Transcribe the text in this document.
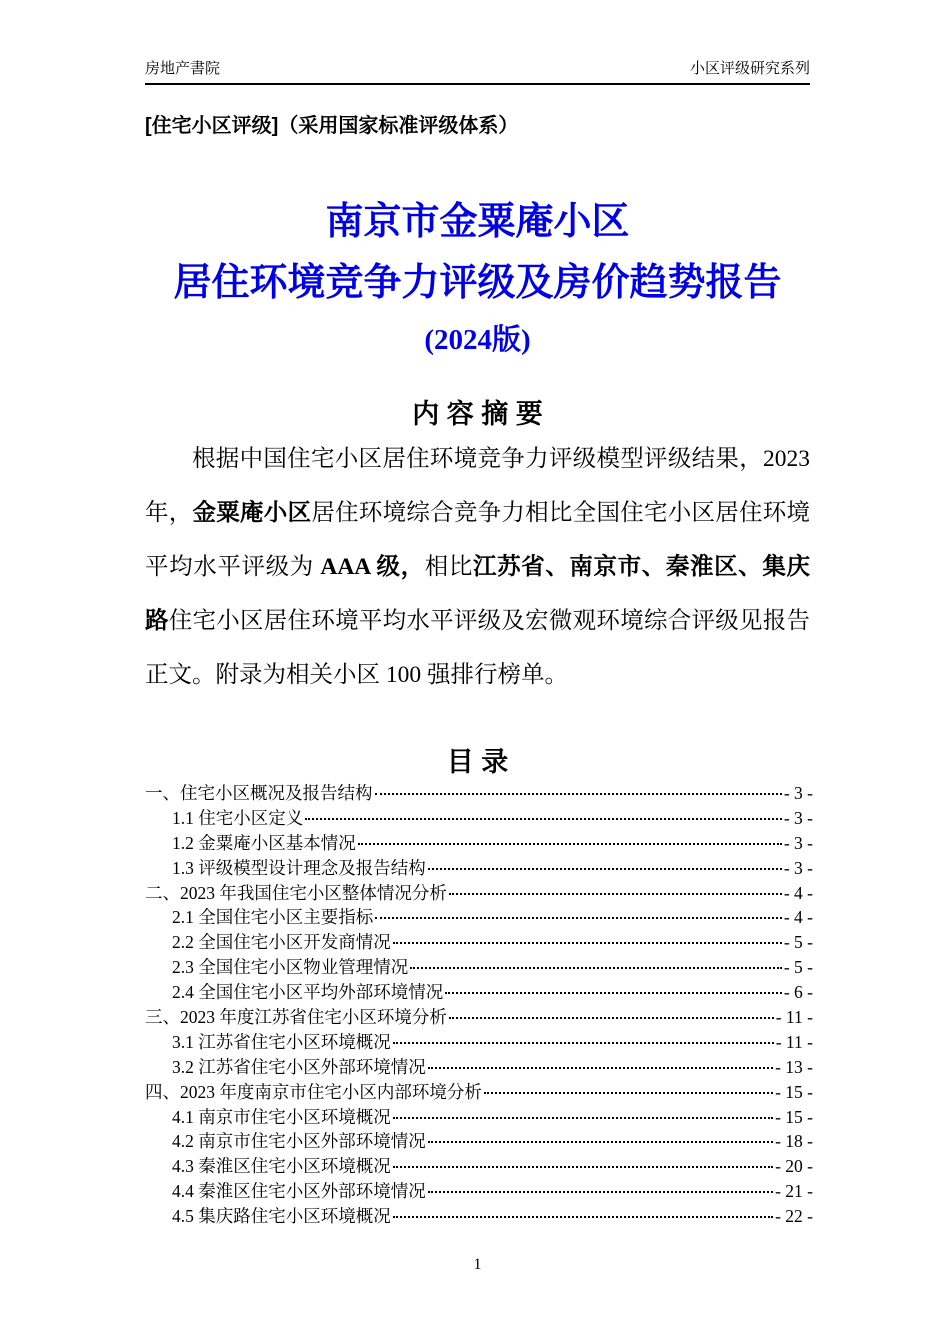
房地产書院	小区评级研究系列
[住宅小区评级]（采用国家标准评级体系）
南京市金粟庵小区
居住环境竞争力评级及房价趋势报告
(2024版)
内 容 摘 要
根据中国住宅小区居住环境竞争力评级模型评级结果，2023 年，金粟庵小区居住环境综合竞争力相比全国住宅小区居住环境平均水平评级为 AAA 级，相比江苏省、南京市、秦淮区、集庆路住宅小区居住环境平均水平评级及宏微观环境综合评级见报告正文。附录为相关小区 100 强排行榜单。
目 录
一、住宅小区概况及报告结构	- 3 -
1.1 住宅小区定义	- 3 -
1.2 金粟庵小区基本情况	- 3 -
1.3 评级模型设计理念及报告结构	- 3 -
二、2023 年我国住宅小区整体情况分析	- 4 -
2.1 全国住宅小区主要指标	- 4 -
2.2 全国住宅小区开发商情况	- 5 -
2.3 全国住宅小区物业管理情况	- 5 -
2.4 全国住宅小区平均外部环境情况	- 6 -
三、2023 年度江苏省住宅小区环境分析	- 11 -
3.1 江苏省住宅小区环境概况	- 11 -
3.2 江苏省住宅小区外部环境情况	- 13 -
四、2023 年度南京市住宅小区内部环境分析	- 15 -
4.1 南京市住宅小区环境概况	- 15 -
4.2 南京市住宅小区外部环境情况	- 18 -
4.3 秦淮区住宅小区环境概况	- 20 -
4.4 秦淮区住宅小区外部环境情况	- 21 -
4.5 集庆路住宅小区环境概况	- 22 -
1
